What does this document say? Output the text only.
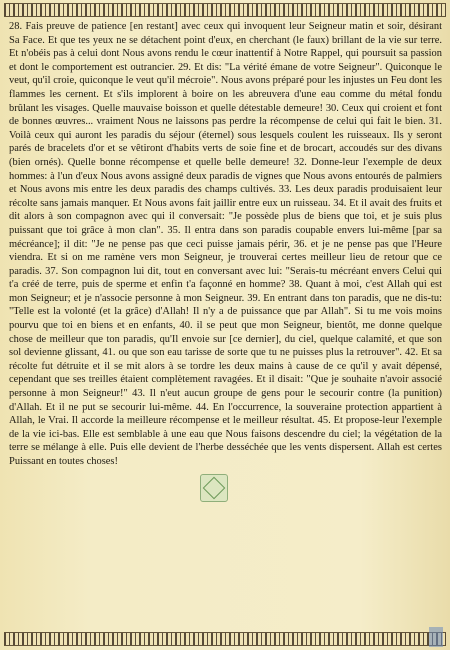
28. Fais preuve de patience [en restant] avec ceux qui invoquent leur Seigneur matin et soir, désirant Sa Face. Et que tes yeux ne se détachent point d'eux, en cherchant (le faux) brillant de la vie sur terre. Et n'obéis pas à celui dont Nous avons rendu le cœur inattentif à Notre Rappel, qui poursuit sa passion et dont le comportement est outrancier. 29. Et dis: "La vérité émane de votre Seigneur". Quiconque le veut, qu'il croie, quiconque le veut qu'il mécroie". Nous avons préparé pour les injustes un Feu dont les flammes les cernent. Et s'ils implorent à boire on les abreuvera d'une eau comme du métal fondu brûlant les visages. Quelle mauvaise boisson et quelle détestable demeure! 30. Ceux qui croient et font de bonnes œuvres... vraiment Nous ne laissons pas perdre la récompense de celui qui fait le bien. 31. Voilà ceux qui auront les paradis du séjour (éternel) sous lesquels coulent les ruisseaux. Ils y seront parés de bracelets d'or et se vêtiront d'habits verts de soie fine et de brocart, accoudés sur des divans (bien ornés). Quelle bonne récompense et quelle belle demeure! 32. Donne-leur l'exemple de deux hommes: à l'un d'eux Nous avons assigné deux paradis de vignes que Nous avons entourés de palmiers et Nous avons mis entre les deux paradis des champs cultivés. 33. Les deux paradis produisaient leur récolte sans jamais manquer. Et Nous avons fait jaillir entre eux un ruisseau. 34. Et il avait des fruits et dit alors à son compagnon avec qui il conversait: "Je possède plus de biens que toi, et je suis plus puissant que toi grâce à mon clan". 35. Il entra dans son paradis coupable envers lui-même [par sa mécréance]; il dit: "Je ne pense pas que ceci puisse jamais périr, 36. et je ne pense pas que l'Heure viendra. Et si on me ramène vers mon Seigneur, je trouverai certes meilleur lieu de retour que ce paradis. 37. Son compagnon lui dit, tout en conversant avec lui: "Serais-tu mécréant envers Celui qui t'a créé de terre, puis de sperme et enfin t'a façonné en homme? 38. Quant à moi, c'est Allah qui est mon Seigneur; et je n'associe personne à mon Seigneur. 39. En entrant dans ton paradis, que ne dis-tu: "Telle est la volonté (et la grâce) d'Allah! Il n'y a de puissance que par Allah". Si tu me vois moins pourvu que toi en biens et en enfants, 40. il se peut que mon Seigneur, bientôt, me donne quelque chose de meilleur que ton paradis, qu'Il envoie sur [ce dernier], du ciel, quelque calamité, et que son sol devienne glissant, 41. ou que son eau tarisse de sorte que tu ne puisses plus la retrouver". 42. Et sa récolte fut détruite et il se mit alors à se tordre les deux mains à cause de ce qu'il y avait dépensé, cependant que ses treilles étaient complètement ravagées. Et il disait: "Que je souhaite n'avoir associé personne à mon Seigneur!" 43. Il n'eut aucun groupe de gens pour le secourir contre (la punition) d'Allah. Et il ne put se secourir lui-même. 44. En l'occurrence, la souveraine protection appartient à Allah, le Vrai. Il accorde la meilleure récompense et le meilleur résultat. 45. Et propose-leur l'exemple de la vie ici-bas. Elle est semblable à une eau que Nous faisons descendre du ciel; la végétation de la terre se mélange à elle. Puis elle devient de l'herbe desséchée que les vents dispersent. Allah est certes Puissant en toutes choses!
